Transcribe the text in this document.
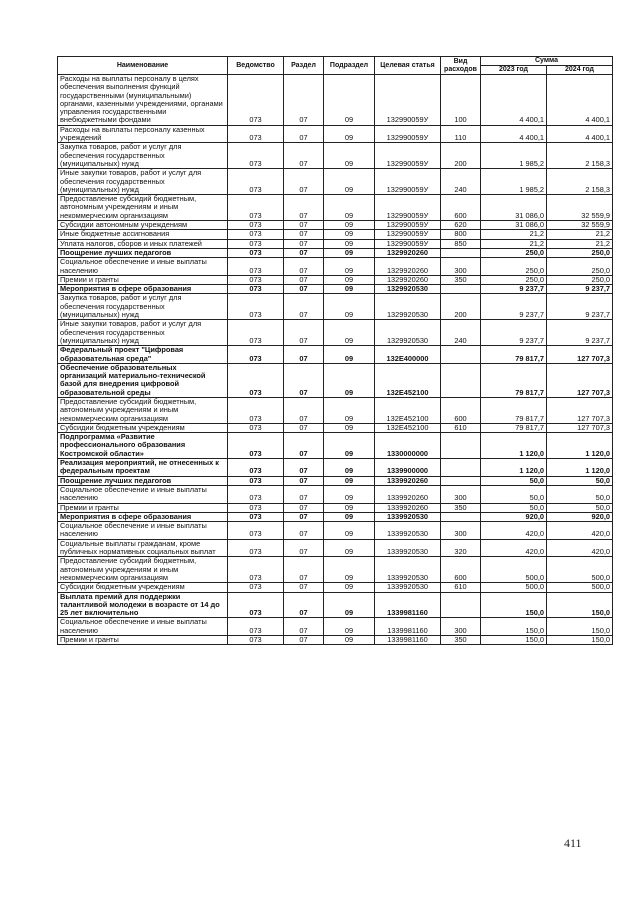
Наименование	Ведомство	Раздел	Подраздел	Целевая статья	Вид расходов	Сумма	
						2023 год	2024 год
Расходы на выплаты персоналу в целях обеспечения выполнения функций государственными (муниципальными) органами, казенными учреждениями, органами управления государственными внебюджетными фондами	073	07	09	132990059У	100	4 400,1	4 400,1
Расходы на выплаты персоналу казенных учреждений	073	07	09	132990059У	110	4 400,1	4 400,1
Закупка товаров, работ и услуг для обеспечения государственных (муниципальных) нужд	073	07	09	132990059У	200	1 985,2	2 158,3
Иные закупки товаров, работ и услуг для обеспечения государственных (муниципальных) нужд	073	07	09	132990059У	240	1 985,2	2 158,3
Предоставление субсидий бюджетным, автономным учреждениям и иным некоммерческим организациям	073	07	09	132990059У	600	31 086,0	32 559,9
Субсидии автономным учреждениям	073	07	09	132990059У	620	31 086,0	32 559,9
Иные бюджетные ассигнования	073	07	09	132990059У	800	21,2	21,2
Уплата налогов, сборов и иных платежей	073	07	09	132990059У	850	21,2	21,2
Поощрение лучших педагогов	073	07	09	1329920260		250,0	250,0
Социальное обеспечение и иные выплаты населению	073	07	09	1329920260	300	250,0	250,0
Премии и гранты	073	07	09	1329920260	350	250,0	250,0
Мероприятия в сфере образования	073	07	09	1329920530		9 237,7	9 237,7
Закупка товаров, работ и услуг для обеспечения государственных (муниципальных) нужд	073	07	09	1329920530	200	9 237,7	9 237,7
Иные закупки товаров, работ и услуг для обеспечения государственных (муниципальных) нужд	073	07	09	1329920530	240	9 237,7	9 237,7
Федеральный проект "Цифровая образовательная среда"	073	07	09	132E400000		79 817,7	127 707,3
Обеспечение образовательных организаций материально-технической базой для внедрения цифровой образовательной среды	073	07	09	132E452100		79 817,7	127 707,3
Предоставление субсидий бюджетным, автономным учреждениям и иным некоммерческим организациям	073	07	09	132E452100	600	79 817,7	127 707,3
Субсидии бюджетным учреждениям	073	07	09	132E452100	610	79 817,7	127 707,3
Подпрограмма «Развитие профессионального образования Костромской области»	073	07	09	1330000000		1 120,0	1 120,0
Реализация мероприятий, не отнесенных к федеральным проектам	073	07	09	1339900000		1 120,0	1 120,0
Поощрение лучших педагогов	073	07	09	1339920260		50,0	50,0
Социальное обеспечение и иные выплаты населению	073	07	09	1339920260	300	50,0	50,0
Премии и гранты	073	07	09	1339920260	350	50,0	50,0
Мероприятия в сфере образования	073	07	09	1339920530		920,0	920,0
Социальное обеспечение и иные выплаты населению	073	07	09	1339920530	300	420,0	420,0
Социальные выплаты гражданам, кроме публичных нормативных социальных выплат	073	07	09	1339920530	320	420,0	420,0
Предоставление субсидий бюджетным, автономным учреждениям и иным некоммерческим организациям	073	07	09	1339920530	600	500,0	500,0
Субсидии бюджетным учреждениям	073	07	09	1339920530	610	500,0	500,0
Выплата премий для поддержки талантливой молодежи в возрасте от 14 до 25 лет включительно	073	07	09	1339981160		150,0	150,0
Социальное обеспечение и иные выплаты населению	073	07	09	1339981160	300	150,0	150,0
Премии и гранты	073	07	09	1339981160	350	150,0	150,0
411
